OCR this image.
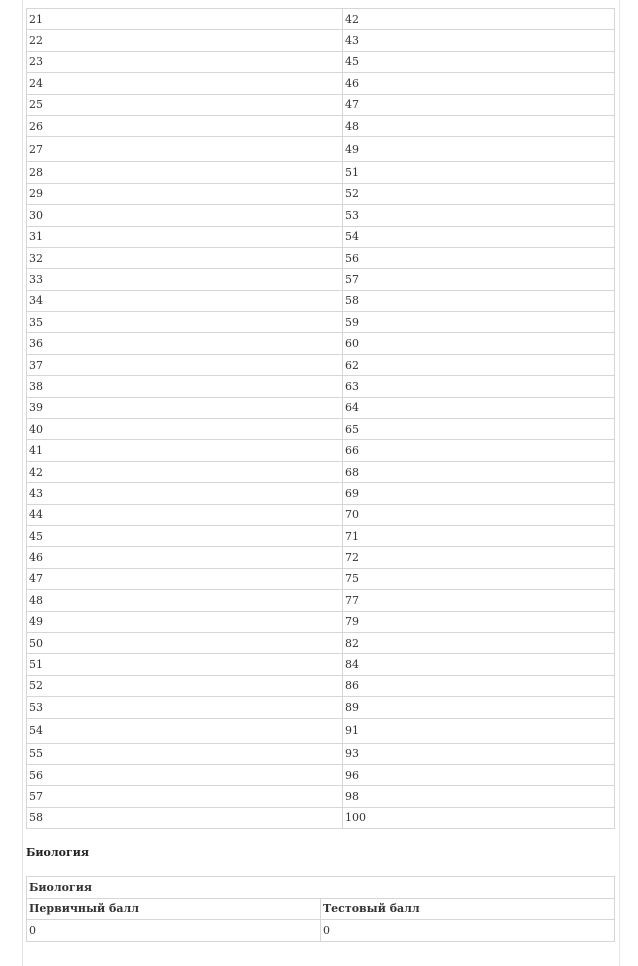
21	42
22	43
23	45
24	46
25	47
26	48
27	49
28	51
29	52
30	53
31	54
32	56
33	57
34	58
35	59
36	60
37	62
38	63
39	64
40	65
41	66
42	68
43	69
44	70
45	71
46	72
47	75
48	77
49	79
50	82
51	84
52	86
53	89
54	91
55	93
56	96
57	98
58	100

Биология

Биология	
Первичный балл	Тестовый балл
0	0
